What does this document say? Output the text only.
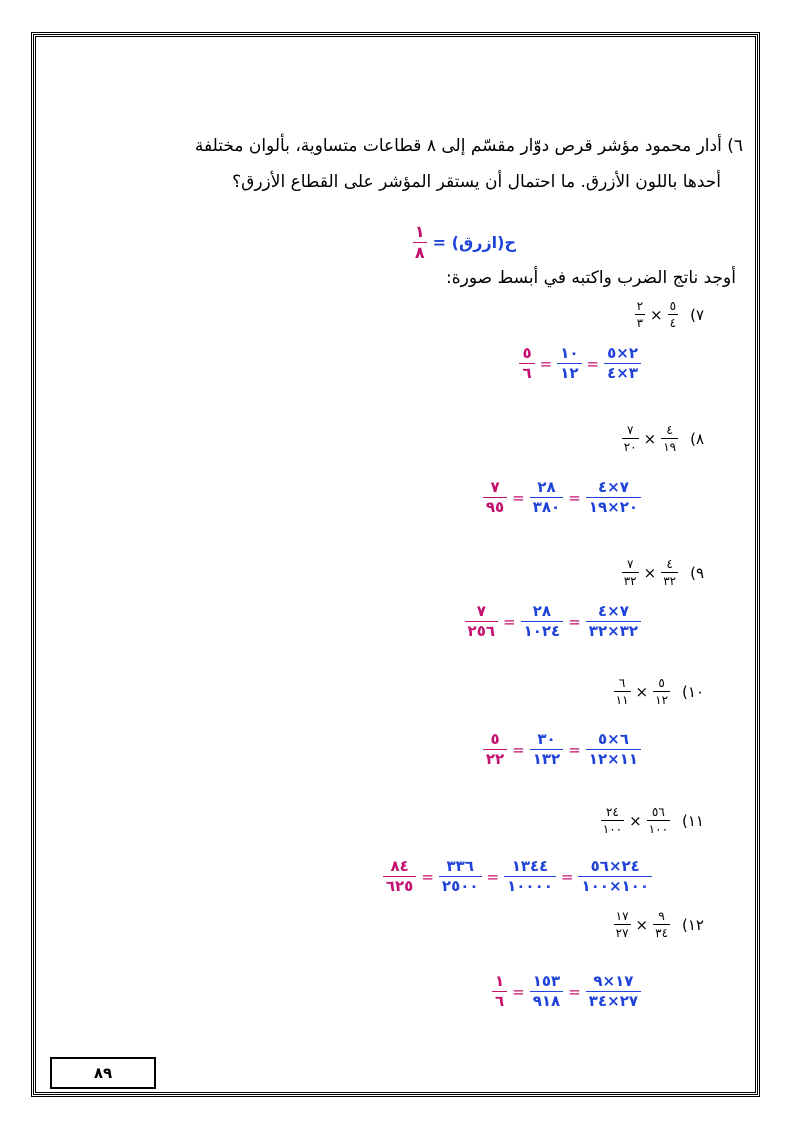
٦) أدار محمود مؤشر قرص دوّار مقسّم إلى ٨ قطاعات متساوية، بألوان مختلفة
أحدها باللون الأزرق. ما احتمال أن يستقر المؤشر على القطاع الأزرق؟
$\frac{١}{٨}$ ح(ازرق) =
أوجد ناتج الضرب واكتبه في أبسط صورة:
$\frac{٢}{٣} \times \frac{٥}{٤}$ ٧)
$\frac{٥}{٦} = \frac{١٠}{١٢} = \frac{٢\times ٥}{٣\times ٤}$
$\frac{٧}{٢٠} \times \frac{٤}{١٩}$ ٨)
$\frac{٧}{٩٥} = \frac{٢٨}{٣٨٠} = \frac{٧\times ٤}{٢٠\times ١٩}$
$\frac{٧}{٣٢} \times \frac{٤}{٣٢}$ ٩)
$\frac{٧}{٢٥٦} = \frac{٢٨}{١٠٢٤} = \frac{٧\times ٤}{٣٢\times ٣٢}$
$\frac{٦}{١١} \times \frac{٥}{١٢}$ ١٠)
$\frac{٥}{٢٢} = \frac{٣٠}{١٣٢} = \frac{٦\times ٥}{١١\times ١٢}$
$\frac{٢٤}{١٠٠} \times \frac{٥٦}{١٠٠}$ ١١)
$\frac{٨٤}{٦٢٥} = \frac{٣٣٦}{٢٥٠٠} = \frac{١٣٤٤}{١٠٠٠٠} = \frac{٢٤\times ٥٦}{١٠٠\times ١٠٠}$
$\frac{١٧}{٢٧} \times \frac{٩}{٣٤}$ ١٢)
$\frac{١}{٦} = \frac{١٥٣}{٩١٨} = \frac{١٧\times ٩}{٢٧\times ٣٤}$
٨٩
